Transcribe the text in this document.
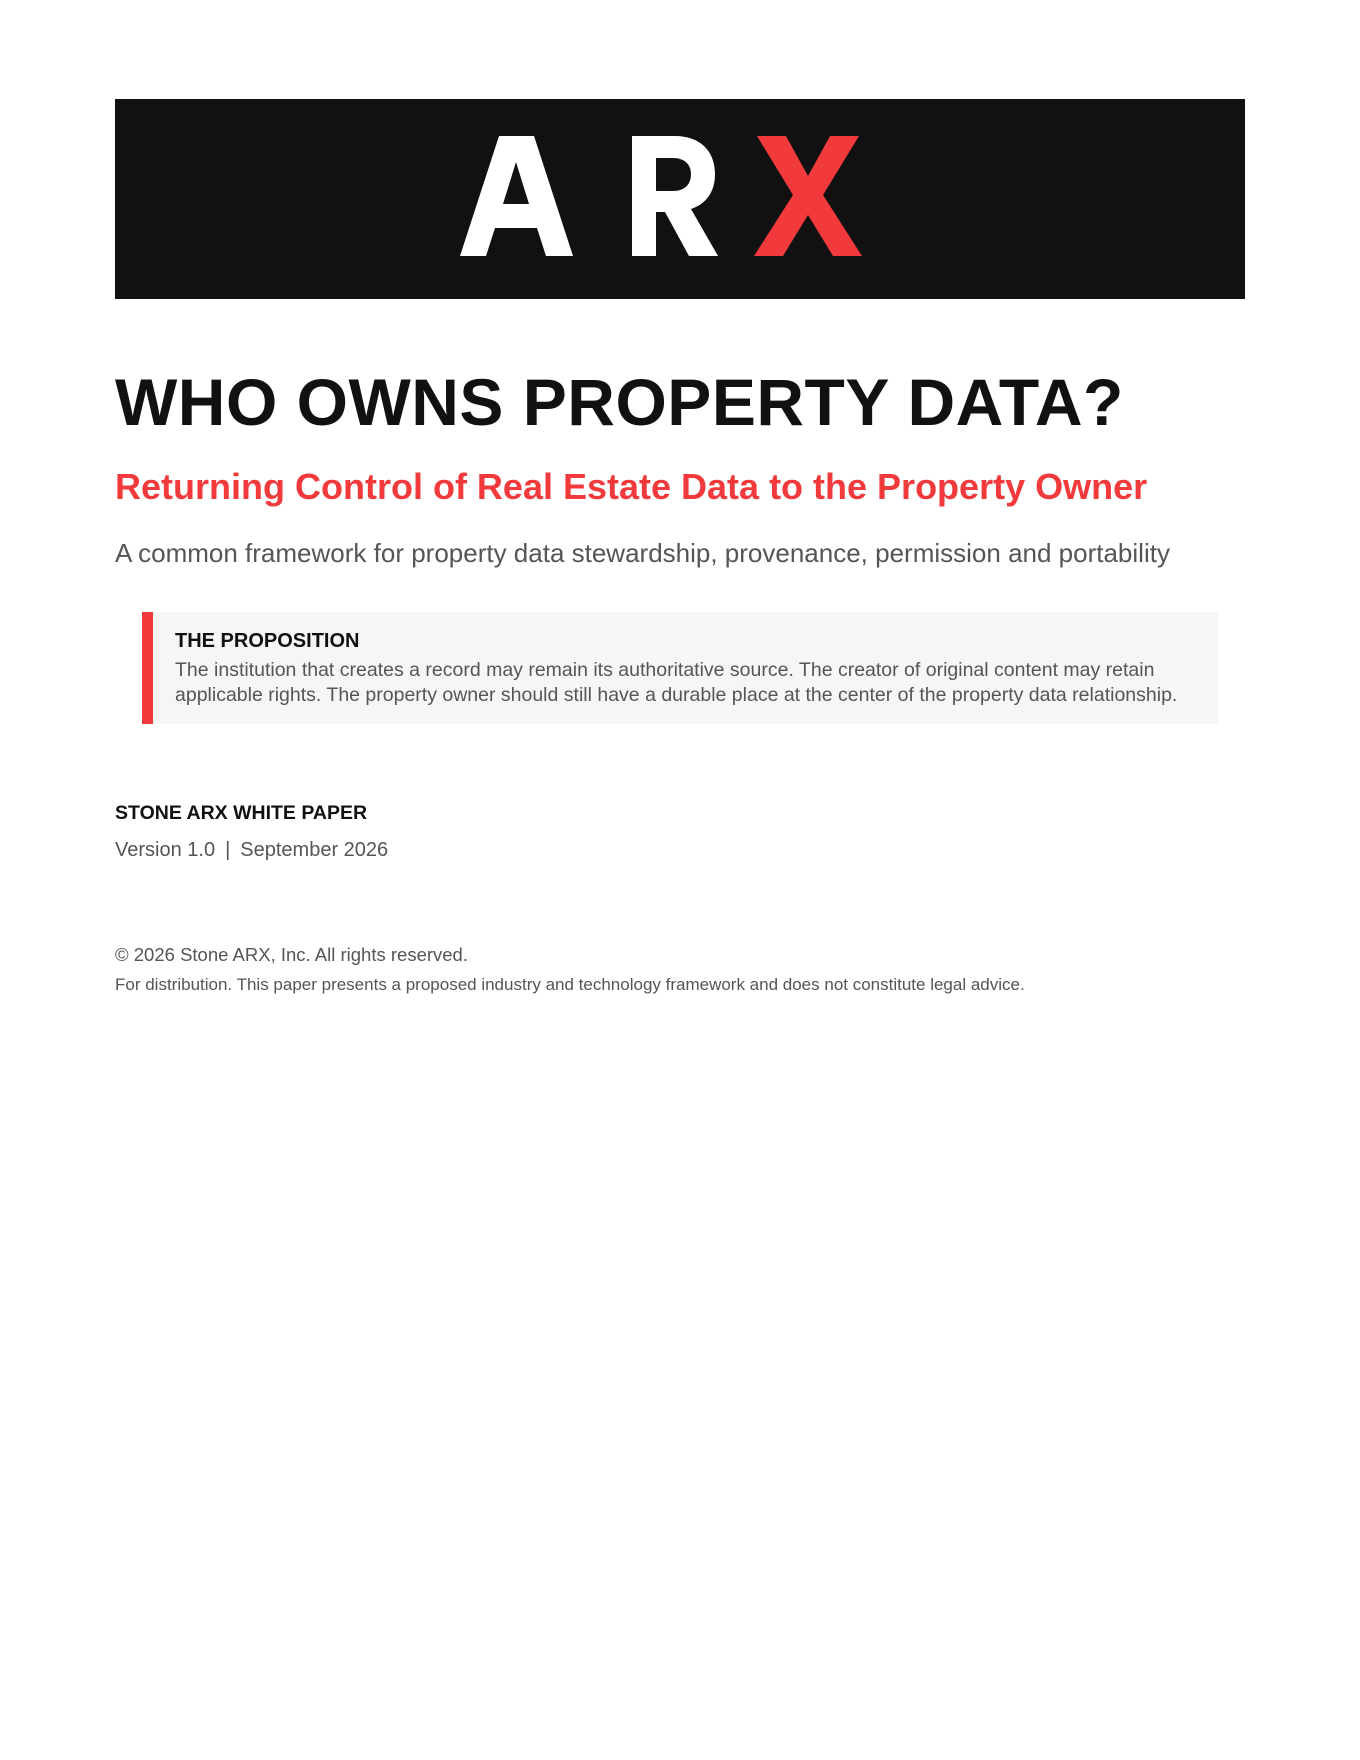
WHO OWNS PROPERTY DATA?
Returning Control of Real Estate Data to the Property Owner

A common framework for property data stewardship, provenance, permission and portability

THE PROPOSITION
The institution that creates a record may remain its authoritative source. The creator of original content may retain applicable rights. The property owner should still have a durable place at the center of the property data relationship.
STONE ARX WHITE PAPER
Version 1.0 | September 2026
© 2026 Stone ARX, Inc. All rights reserved.
For distribution. This paper presents a proposed industry and technology framework and does not constitute legal advice.
